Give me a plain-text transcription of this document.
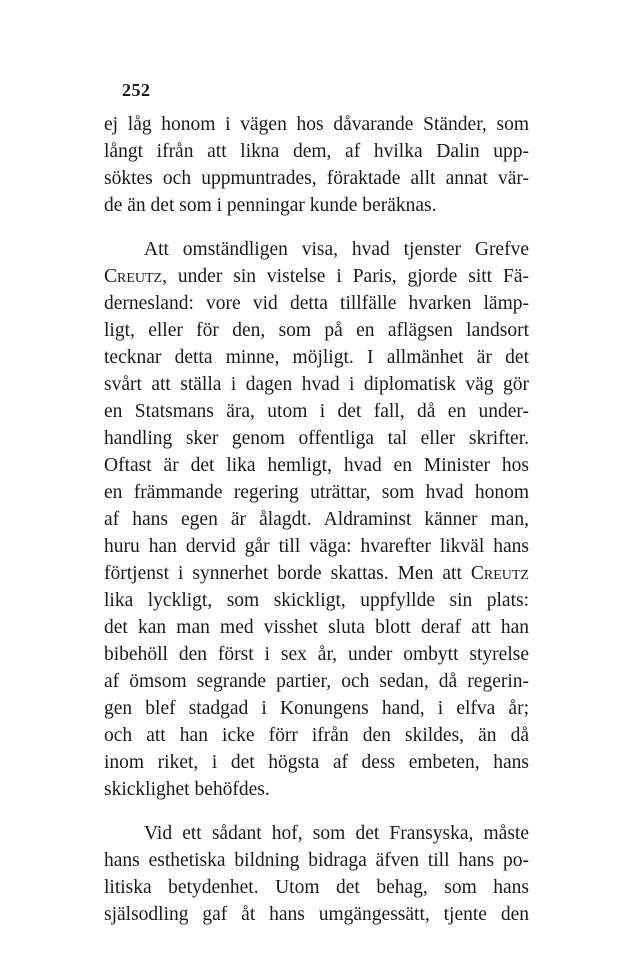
252
ej låg honom i vägen hos dåvarande Ständer, som
långt ifrån att likna dem, af hvilka Dalin upp-
söktes och uppmuntrades, föraktade allt annat vär-
de än det som i penningar kunde beräknas.
Att omständligen visa, hvad tjenster Grefve
Creutz, under sin vistelse i Paris, gjorde sitt Fä-
dernesland: vore vid detta tillfälle hvarken lämp-
ligt, eller för den, som på en aflägsen landsort
tecknar detta minne, möjligt. I allmänhet är det
svårt att ställa i dagen hvad i diplomatisk väg gör
en Statsmans ära, utom i det fall, då en under-
handling sker genom offentliga tal eller skrifter.
Oftast är det lika hemligt, hvad en Minister hos
en främmande regering uträttar, som hvad honom
af hans egen är ålagdt. Aldraminst känner man,
huru han dervid går till väga: hvarefter likväl hans
förtjenst i synnerhet borde skattas. Men att Creutz
lika lyckligt, som skickligt, uppfyllde sin plats:
det kan man med visshet sluta blott deraf att han
bibehöll den först i sex år, under ombytt styrelse
af ömsom segrande partier, och sedan, då regerin-
gen blef stadgad i Konungens hand, i elfva år;
och att han icke förr ifrån den skildes, än då
inom riket, i det högsta af dess embeten, hans
skicklighet behöfdes.
Vid ett sådant hof, som det Fransyska, måste
hans esthetiska bildning bidraga äfven till hans po-
litiska betydenhet. Utom det behag, som hans
själsodling gaf åt hans umgängessätt, tjente den
